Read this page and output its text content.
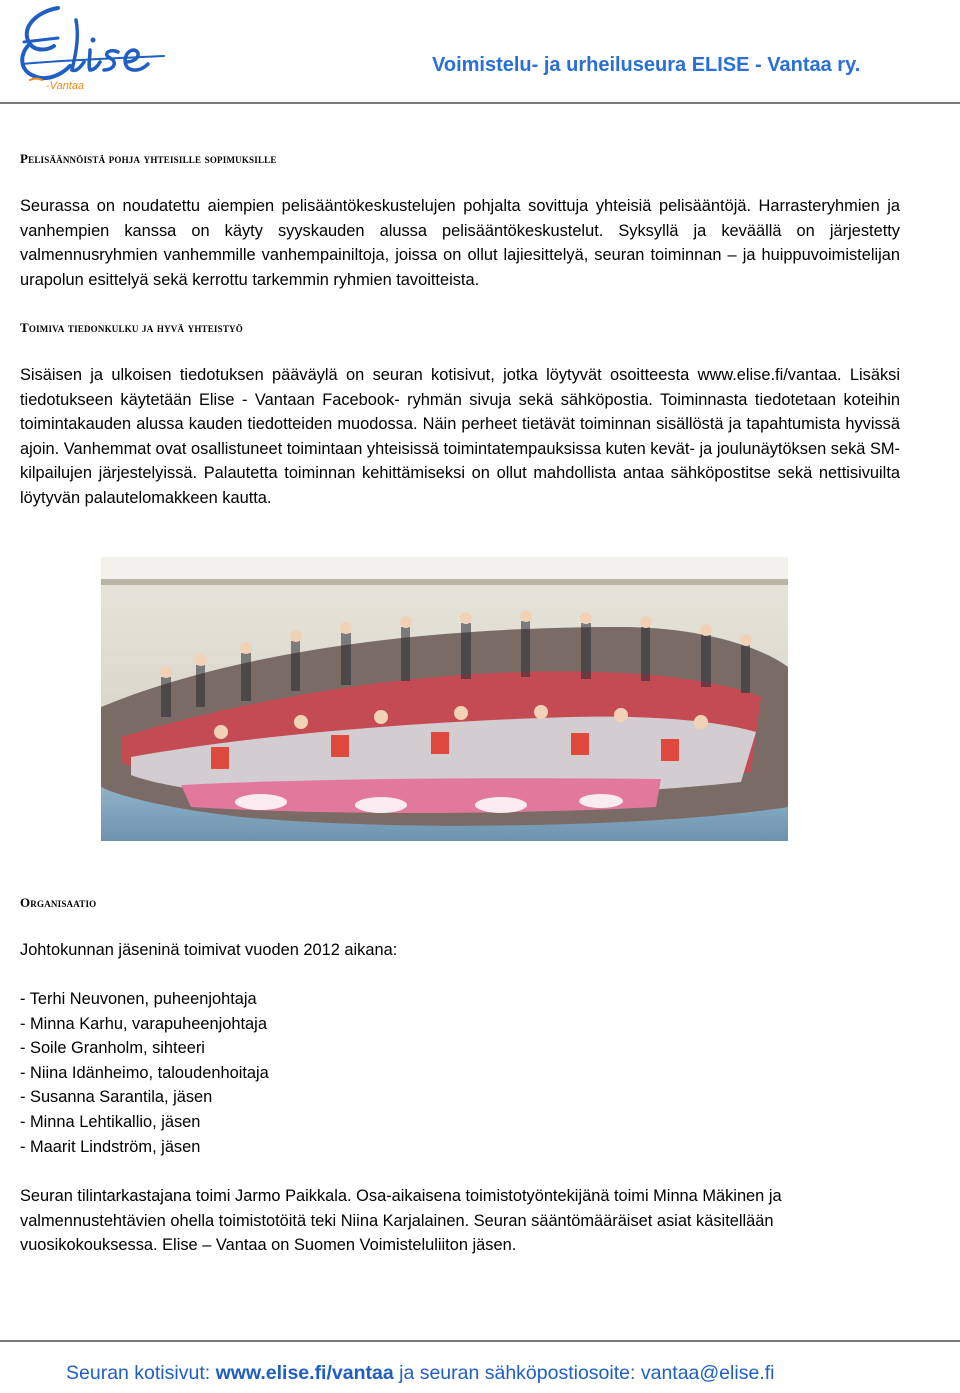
-Vantaa
Voimistelu- ja urheiluseura ELISE - Vantaa ry.
Pelisäännöistä pohja yhteisille sopimuksille

Seurassa on noudatettu aiempien pelisääntökeskustelujen pohjalta sovittuja yhteisiä pelisääntöjä. Harrasteryhmien ja vanhempien kanssa on käyty syyskauden alussa pelisääntökeskustelut. Syksyllä ja keväällä on järjestetty valmennusryhmien vanhemmille vanhempainiltoja, joissa on ollut lajiesittelyä, seuran toiminnan – ja huippuvoimistelijan urapolun esittelyä sekä kerrottu tarkemmin ryhmien tavoitteista.

Toimiva tiedonkulku ja hyvä yhteistyö

Sisäisen ja ulkoisen tiedotuksen pääväylä on seuran kotisivut, jotka löytyvät osoitteesta www.elise.fi/vantaa. Lisäksi tiedotukseen käytetään Elise - Vantaan Facebook- ryhmän sivuja sekä sähköpostia. Toiminnasta tiedotetaan koteihin toimintakauden alussa kauden tiedotteiden muodossa. Näin perheet tietävät toiminnan sisällöstä ja tapahtumista hyvissä ajoin. Vanhemmat ovat osallistuneet toimintaan yhteisissä toimintatempauksissa kuten kevät- ja joulunäytöksen sekä SM-kilpailujen järjestelyissä. Palautetta toiminnan kehittämiseksi on ollut mahdollista antaa sähköpostitse sekä nettisivuilta löytyvän palautelomakkeen kautta.

Organisaatio
Johtokunnan jäseninä toimivat vuoden 2012 aikana:
- Terhi Neuvonen, puheenjohtaja
- Minna Karhu, varapuheenjohtaja
- Soile Granholm, sihteeri
- Niina Idänheimo, taloudenhoitaja
- Susanna Sarantila, jäsen
- Minna Lehtikallio, jäsen
- Maarit Lindström, jäsen

Seuran tilintarkastajana toimi Jarmo Paikkala. Osa-aikaisena toimistotyöntekijänä toimi Minna Mäkinen ja valmennustehtävien ohella toimistotöitä teki Niina Karjalainen. Seuran sääntömääräiset asiat käsitellään vuosikokouksessa. Elise – Vantaa on Suomen Voimisteluliiton jäsen.

Seuran kotisivut: www.elise.fi/vantaa ja seuran sähköpostiosoite: vantaa@elise.fi
